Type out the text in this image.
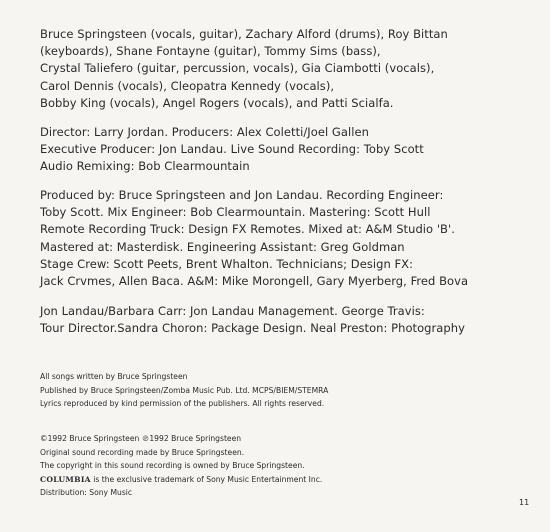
Bruce Springsteen (vocals, guitar), Zachary Alford (drums), Roy Bittan
(keyboards), Shane Fontayne (guitar), Tommy Sims (bass),
Crystal Taliefero (guitar, percussion, vocals), Gia Ciambotti (vocals),
Carol Dennis (vocals), Cleopatra Kennedy (vocals),
Bobby King (vocals), Angel Rogers (vocals), and Patti Scialfa.
Director: Larry Jordan. Producers: Alex Coletti/Joel Gallen
Executive Producer: Jon Landau. Live Sound Recording: Toby Scott
Audio Remixing: Bob Clearmountain
Produced by: Bruce Springsteen and Jon Landau. Recording Engineer:
Toby Scott. Mix Engineer: Bob Clearmountain. Mastering: Scott Hull
Remote Recording Truck: Design FX Remotes. Mixed at: A&M Studio 'B'.
Mastered at: Masterdisk. Engineering Assistant: Greg Goldman
Stage Crew: Scott Peets, Brent Whalton. Technicians; Design FX:
Jack Crvmes, Allen Baca. A&M: Mike Morongell, Gary Myerberg, Fred Bova
Jon Landau/Barbara Carr: Jon Landau Management. George Travis:
Tour Director.Sandra Choron: Package Design. Neal Preston: Photography
All songs written by Bruce Springsteen
Published by Bruce Springsteen/Zomba Music Pub. Ltd. MCPS/BIEM/STEMRA
Lyrics reproduced by kind permission of the publishers. All rights reserved.
©1992 Bruce Springsteen ℗1992 Bruce Springsteen
Original sound recording made by Bruce Springsteen.
The copyright in this sound recording is owned by Bruce Springsteen.
COLUMBIA is the exclusive trademark of Sony Music Entertainment Inc.
Distribution: Sony Music
11
